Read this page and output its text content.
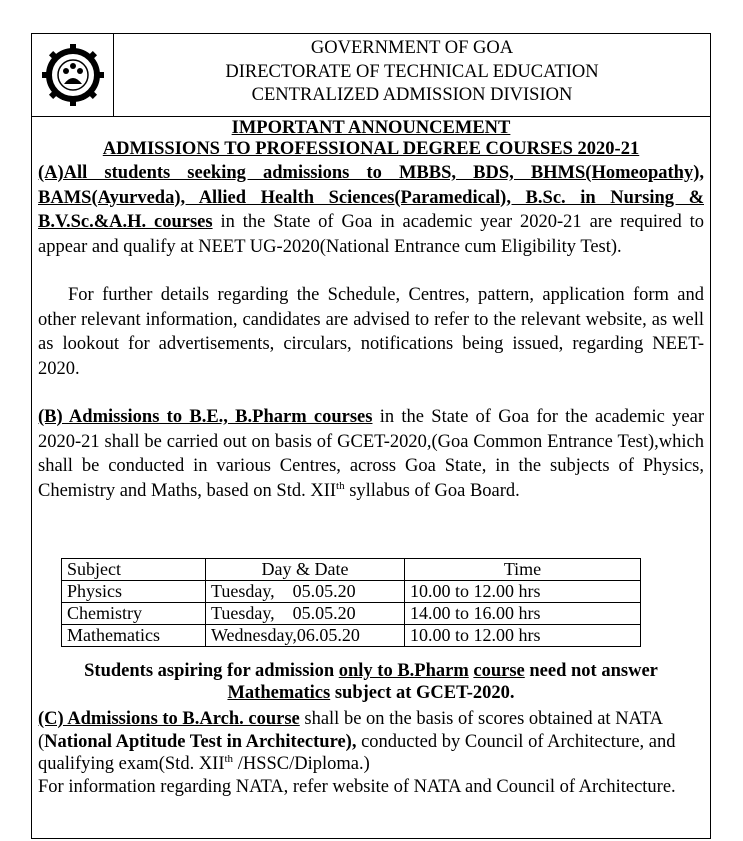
GOVERNMENT OF GOA
DIRECTORATE OF TECHNICAL EDUCATION
CENTRALIZED ADMISSION DIVISION
IMPORTANT ANNOUNCEMENT
ADMISSIONS TO PROFESSIONAL DEGREE COURSES 2020-21

(A)All students seeking admissions to MBBS, BDS, BHMS(Homeopathy), BAMS(Ayurveda), Allied Health Sciences(Paramedical), B.Sc. in Nursing & B.V.Sc.&A.H. courses in the State of Goa in academic year 2020-21 are required to appear and qualify at NEET UG-2020(National Entrance cum Eligibility Test).

For further details regarding the Schedule, Centres, pattern, application form and other relevant information, candidates are advised to refer to the relevant website, as well as lookout for advertisements, circulars, notifications being issued, regarding NEET-2020.

(B) Admissions to B.E., B.Pharm courses in the State of Goa for the academic year 2020-21 shall be carried out on basis of GCET-2020,(Goa Common Entrance Test),which shall be conducted in various Centres, across Goa State, in the subjects of Physics, Chemistry and Maths, based on Std. XIIth syllabus of Goa Board.

Subject	Day & Date	Time
Physics	Tuesday,    05.05.20	10.00 to 12.00 hrs
Chemistry	Tuesday,    05.05.20	14.00 to 16.00 hrs
Mathematics	Wednesday,06.05.20	10.00 to 12.00 hrs
Students aspiring for admission only to B.Pharm course need not answer
Mathematics subject at GCET-2020.

(C) Admissions to B.Arch. course shall be on the basis of scores obtained at NATA (National Aptitude Test in Architecture), conducted by Council of Architecture, and qualifying exam(Std. XIIth /HSSC/Diploma.)

For information regarding NATA, refer website of NATA and Council of Architecture.
